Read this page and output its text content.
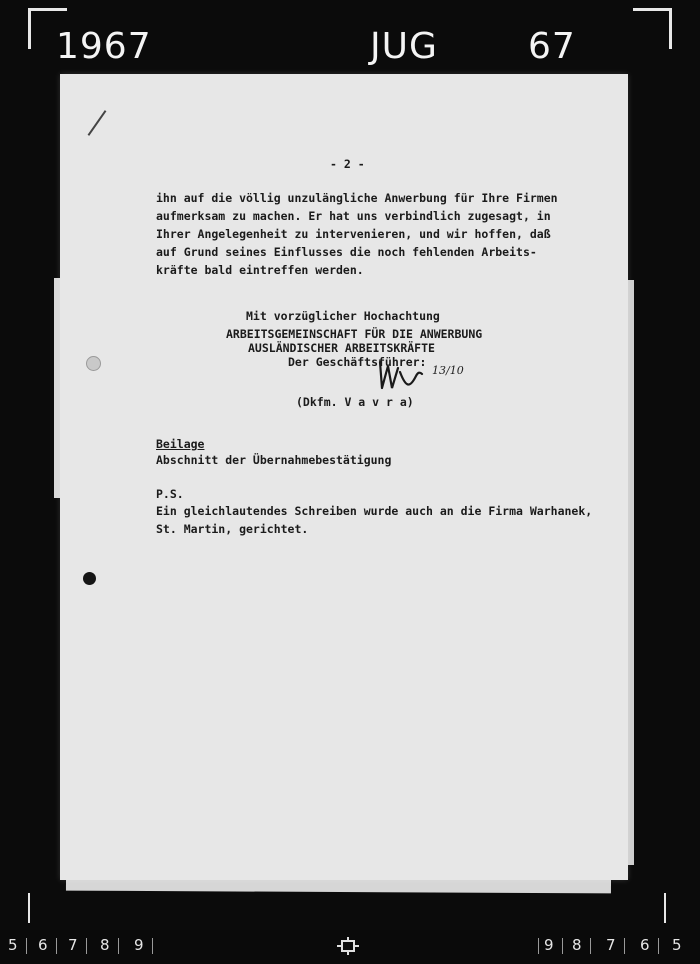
1967	JUG	67
- 2 -
ihn auf die völlig unzulängliche Anwerbung für Ihre Firmen
aufmerksam zu machen. Er hat uns verbindlich zugesagt, in
Ihrer Angelegenheit zu intervenieren, und wir hoffen, daß
auf Grund seines Einflusses die noch fehlenden Arbeits-
kräfte bald eintreffen werden.
Mit vorzüglicher Hochachtung
ARBEITSGEMEINSCHAFT FÜR DIE ANWERBUNG
AUSLÄNDISCHER ARBEITSKRÄFTE
Der Geschäftsführer:
13/10
(Dkfm. V a v r a)
Beilage
Abschnitt der Übernahmebestätigung
P.S.
Ein gleichlautendes Schreiben wurde auch an die Firma Warhanek,
St. Martin, gerichtet.
5 6 7 8 9	9 8 7 6 5
